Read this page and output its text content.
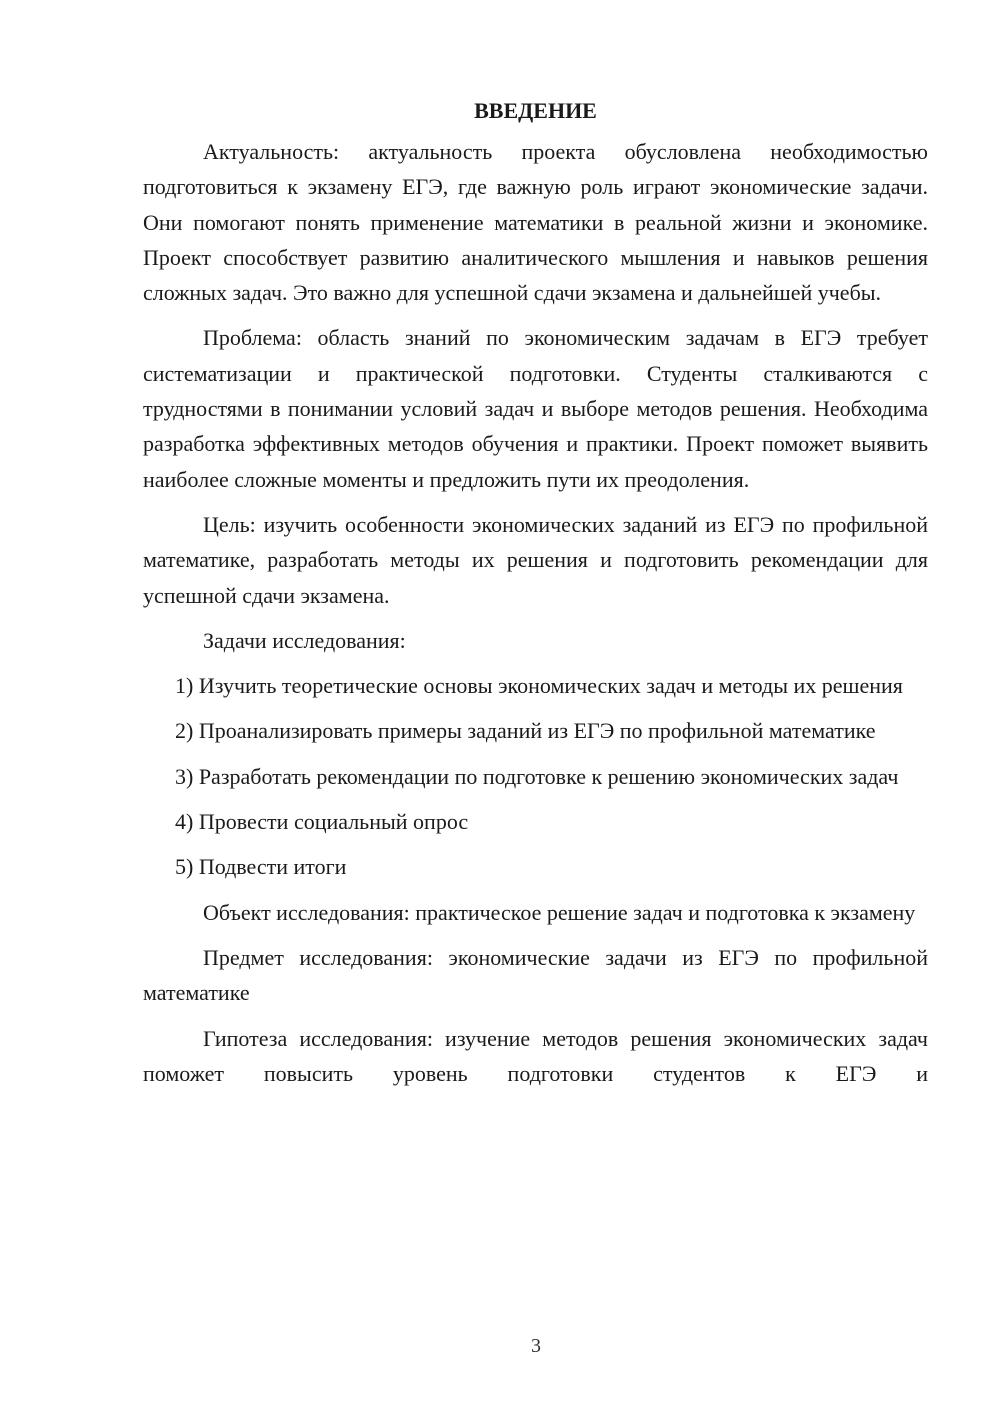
ВВЕДЕНИЕ

Актуальность: актуальность проекта обусловлена необходимостью подготовиться к экзамену ЕГЭ, где важную роль играют экономические задачи. Они помогают понять применение математики в реальной жизни и экономике. Проект способствует развитию аналитического мышления и навыков решения сложных задач. Это важно для успешной сдачи экзамена и дальнейшей учебы.

Проблема: область знаний по экономическим задачам в ЕГЭ требует систематизации и практической подготовки. Студенты сталкиваются с трудностями в понимании условий задач и выборе методов решения. Необходима разработка эффективных методов обучения и практики. Проект поможет выявить наиболее сложные моменты и предложить пути их преодоления.

Цель: изучить особенности экономических заданий из ЕГЭ по профильной математике, разработать методы их решения и подготовить рекомендации для успешной сдачи экзамена.

Задачи исследования:

1) Изучить теоретические основы экономических задач и методы их решения

2) Проанализировать примеры заданий из ЕГЭ по профильной математике

3) Разработать рекомендации по подготовке к решению экономических задач

4) Провести социальный опрос

5) Подвести итоги

Объект исследования: практическое решение задач и подготовка к экзамену

Предмет исследования: экономические задачи из ЕГЭ по профильной математике

Гипотеза исследования: изучение методов решения экономических задач поможет повысить уровень подготовки студентов к ЕГЭ и

3
